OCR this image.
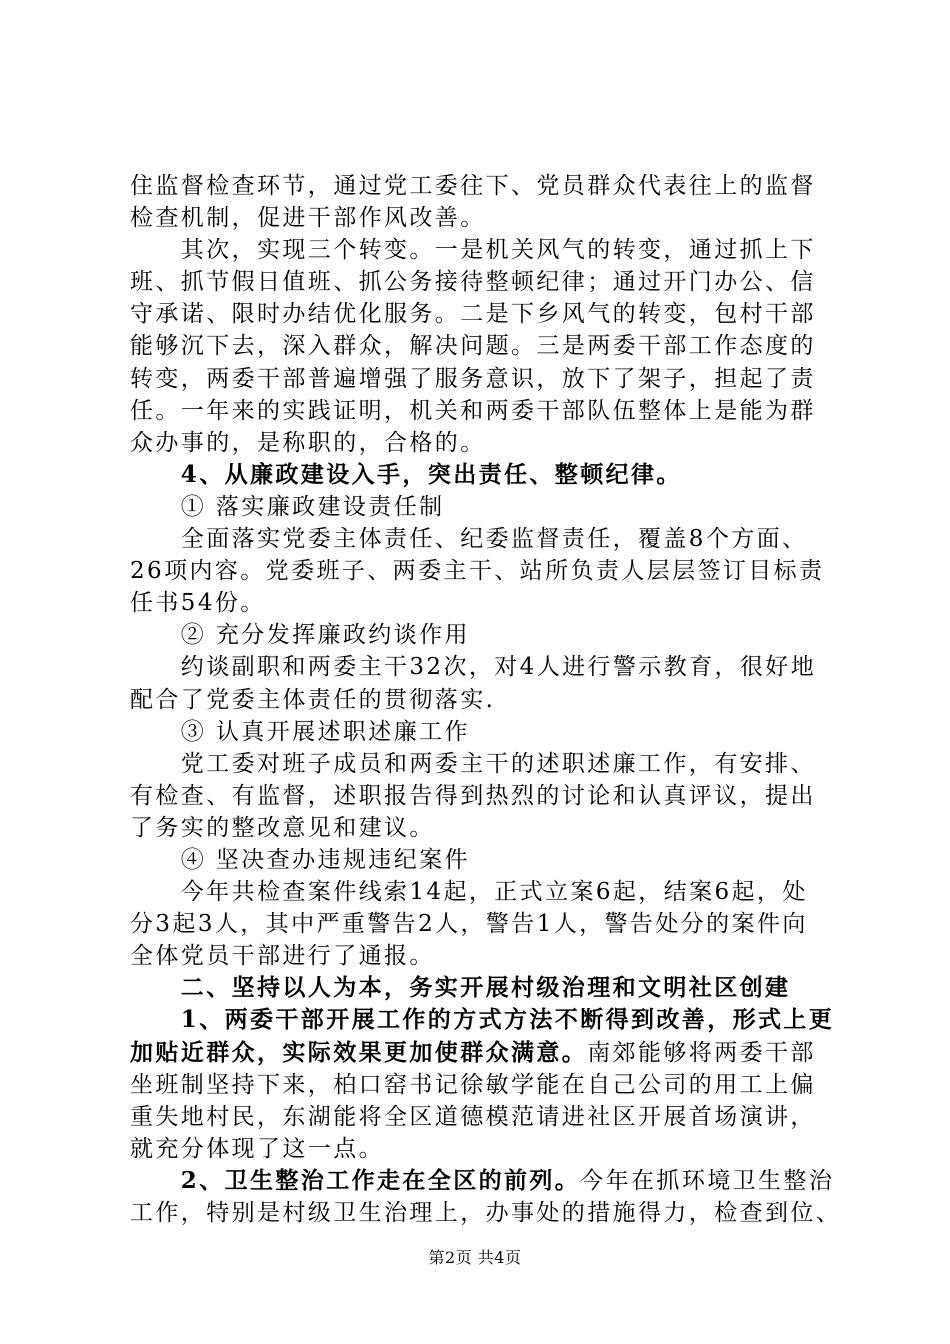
住监督检查环节，通过党工委往下、党员群众代表往上的监督
检查机制，促进干部作风改善。
　　其次，实现三个转变。一是机关风气的转变，通过抓上下
班、抓节假日值班、抓公务接待整顿纪律；通过开门办公、信
守承诺、限时办结优化服务。二是下乡风气的转变，包村干部
能够沉下去，深入群众，解决问题。三是两委干部工作态度的
转变，两委干部普遍增强了服务意识，放下了架子，担起了责
任。一年来的实践证明，机关和两委干部队伍整体上是能为群
众办事的，是称职的，合格的。
　　4、从廉政建设入手，突出责任、整顿纪律。
　　① 落实廉政建设责任制
　　全面落实党委主体责任、纪委监督责任，覆盖8个方面、
26项内容。党委班子、两委主干、站所负责人层层签订目标责
任书54份。
　　② 充分发挥廉政约谈作用
　　约谈副职和两委主干32次，对4人进行警示教育，很好地
配合了党委主体责任的贯彻落实.
　　③ 认真开展述职述廉工作
　　党工委对班子成员和两委主干的述职述廉工作，有安排、
有检查、有监督，述职报告得到热烈的讨论和认真评议，提出
了务实的整改意见和建议。
　　④ 坚决查办违规违纪案件
　　今年共检查案件线索14起，正式立案6起，结案6起，处
分3起3人，其中严重警告2人，警告1人，警告处分的案件向
全体党员干部进行了通报。
　　二、坚持以人为本，务实开展村级治理和文明社区创建
　　1、两委干部开展工作的方式方法不断得到改善，形式上更
加贴近群众，实际效果更加使群众满意。南郊能够将两委干部
坐班制坚持下来，柏口窑书记徐敏学能在自己公司的用工上偏
重失地村民，东湖能将全区道德模范请进社区开展首场演讲，
就充分体现了这一点。
　　2、卫生整治工作走在全区的前列。今年在抓环境卫生整治
工作，特别是村级卫生治理上，办事处的措施得力，检查到位、
第2页 共4页
